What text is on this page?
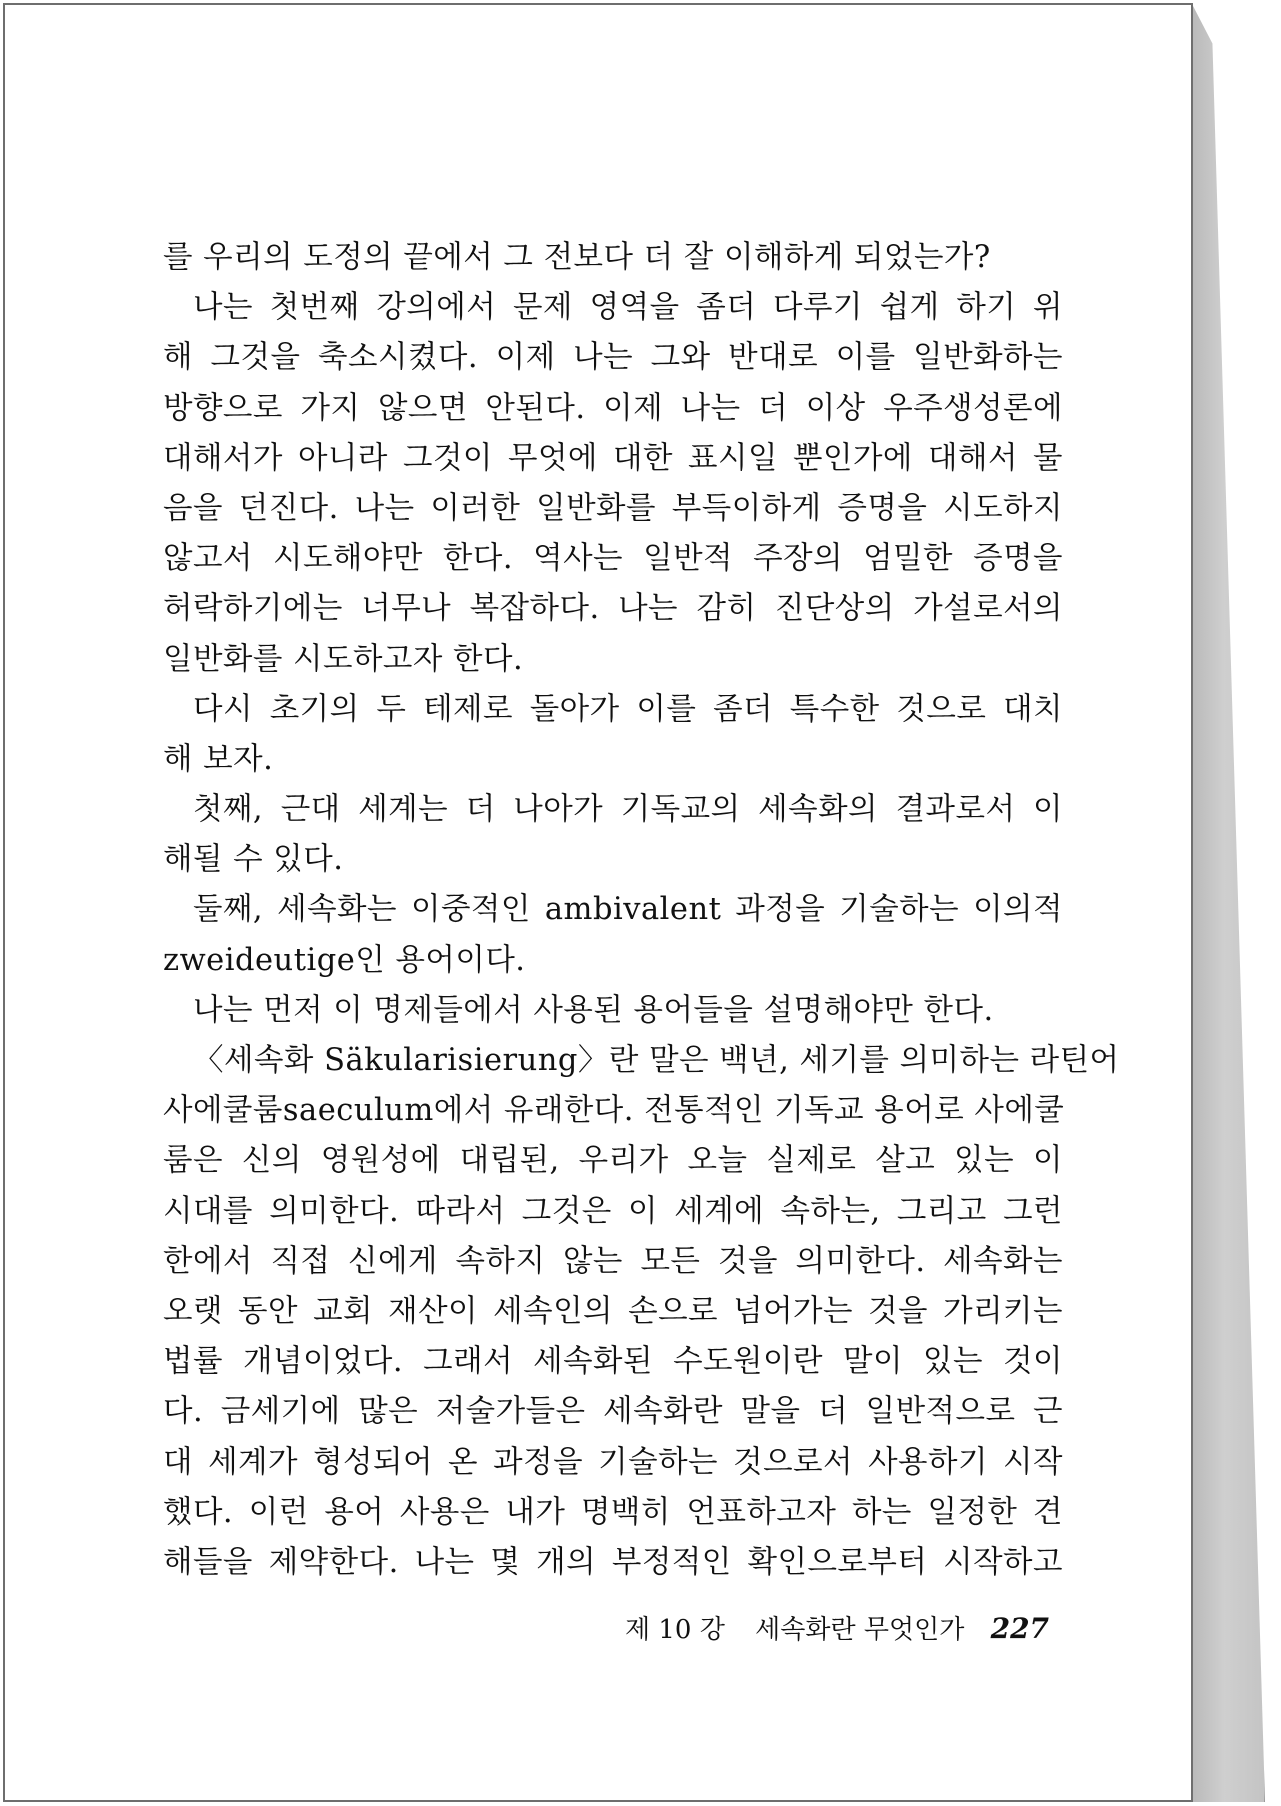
를 우리의 도정의 끝에서 그 전보다 더 잘 이해하게 되었는가?
나는 첫번째 강의에서 문제 영역을 좀더 다루기 쉽게 하기 위
해 그것을 축소시켰다. 이제 나는 그와 반대로 이를 일반화하는
방향으로 가지 않으면 안된다. 이제 나는 더 이상 우주생성론에
대해서가 아니라 그것이 무엇에 대한 표시일 뿐인가에 대해서 물
음을 던진다. 나는 이러한 일반화를 부득이하게 증명을 시도하지
않고서 시도해야만 한다. 역사는 일반적 주장의 엄밀한 증명을
허락하기에는 너무나 복잡하다. 나는 감히 진단상의 가설로서의
일반화를 시도하고자 한다.
다시 초기의 두 테제로 돌아가 이를 좀더 특수한 것으로 대치
해 보자.
첫째, 근대 세계는 더 나아가 기독교의 세속화의 결과로서 이
해될 수 있다.
둘째, 세속화는 이중적인 ambivalent 과정을 기술하는 이의적
zweideutige인 용어이다.
나는 먼저 이 명제들에서 사용된 용어들을 설명해야만 한다.
〈세속화 Säkularisierung〉란 말은 백년, 세기를 의미하는 라틴어
사에쿨룸saeculum에서 유래한다. 전통적인 기독교 용어로 사에쿨
룸은 신의 영원성에 대립된, 우리가 오늘 실제로 살고 있는 이
시대를 의미한다. 따라서 그것은 이 세계에 속하는, 그리고 그런
한에서 직접 신에게 속하지 않는 모든 것을 의미한다. 세속화는
오랫 동안 교회 재산이 세속인의 손으로 넘어가는 것을 가리키는
법률 개념이었다. 그래서 세속화된 수도원이란 말이 있는 것이
다. 금세기에 많은 저술가들은 세속화란 말을 더 일반적으로 근
대 세계가 형성되어 온 과정을 기술하는 것으로서 사용하기 시작
했다. 이런 용어 사용은 내가 명백히 언표하고자 하는 일정한 견
해들을 제약한다. 나는 몇 개의 부정적인 확인으로부터 시작하고
제 10 강 세속화란 무엇인가 227
